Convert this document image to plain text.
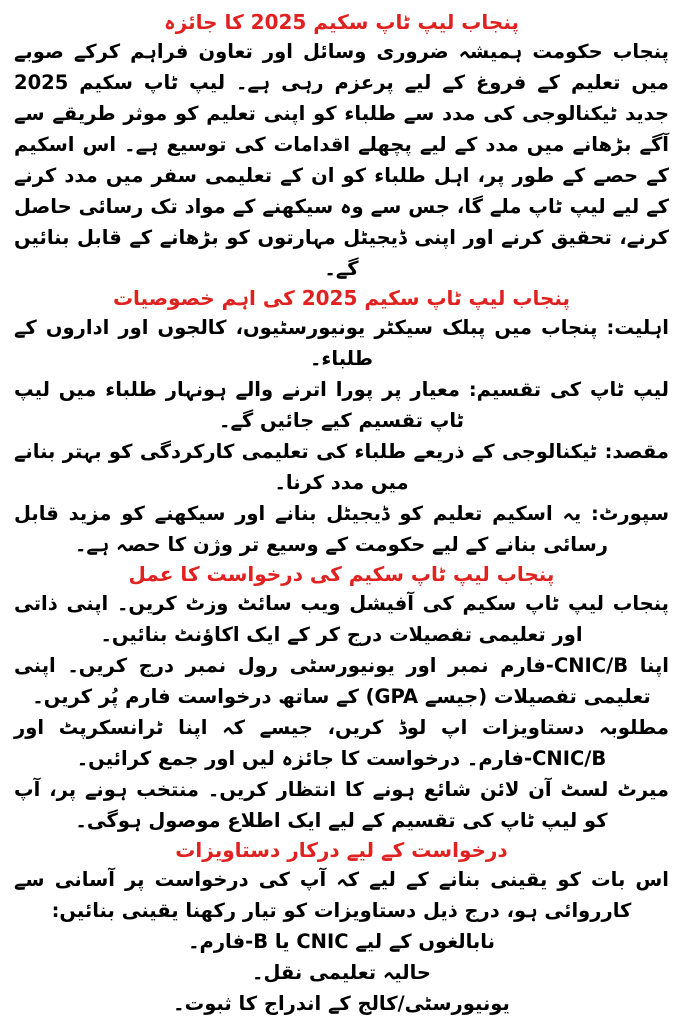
پنجاب لیپ ٹاپ سکیم 2025 کا جائزہ

پنجاب حکومت ہمیشہ ضروری وسائل اور تعاون فراہم کرکے صوبے میں تعلیم کے فروغ کے لیے پرعزم رہی ہے۔ لیپ ٹاپ سکیم 2025 جدید ٹیکنالوجی کی مدد سے طلباء کو اپنی تعلیم کو موثر طریقے سے آگے بڑھانے میں مدد کے لیے پچھلے اقدامات کی توسیع ہے۔ اس اسکیم کے حصے کے طور پر، اہل طلباء کو ان کے تعلیمی سفر میں مدد کرنے کے لیے لیپ ٹاپ ملے گا، جس سے وہ سیکھنے کے مواد تک رسائی حاصل کرنے، تحقیق کرنے اور اپنی ڈیجیٹل مہارتوں کو بڑھانے کے قابل بنائیں گے۔

پنجاب لیپ ٹاپ سکیم 2025 کی اہم خصوصیات

اہلیت: پنجاب میں پبلک سیکٹر یونیورسٹیوں، کالجوں اور اداروں کے طلباء۔

لیپ ٹاپ کی تقسیم: معیار پر پورا اترنے والے ہونہار طلباء میں لیپ ٹاپ تقسیم کیے جائیں گے۔

مقصد: ٹیکنالوجی کے ذریعے طلباء کی تعلیمی کارکردگی کو بہتر بنانے میں مدد کرنا۔

سپورٹ: یہ اسکیم تعلیم کو ڈیجیٹل بنانے اور سیکھنے کو مزید قابل رسائی بنانے کے لیے حکومت کے وسیع تر وژن کا حصہ ہے۔

پنجاب لیپ ٹاپ سکیم کی درخواست کا عمل

پنجاب لیپ ٹاپ سکیم کی آفیشل ویب سائٹ وزٹ کریں۔ اپنی ذاتی اور تعلیمی تفصیلات درج کر کے ایک اکاؤنٹ بنائیں۔

اپنا CNIC/B-فارم نمبر اور یونیورسٹی رول نمبر درج کریں۔ اپنی تعلیمی تفصیلات (جیسے GPA) کے ساتھ درخواست فارم پُر کریں۔

مطلوبہ دستاویزات اپ لوڈ کریں، جیسے کہ اپنا ٹرانسکرپٹ اور CNIC/B-فارم۔ درخواست کا جائزہ لیں اور جمع کرائیں۔

میرٹ لسٹ آن لائن شائع ہونے کا انتظار کریں۔ منتخب ہونے پر، آپ کو لیپ ٹاپ کی تقسیم کے لیے ایک اطلاع موصول ہوگی۔

درخواست کے لیے درکار دستاویزات

اس بات کو یقینی بنانے کے لیے کہ آپ کی درخواست پر آسانی سے کارروائی ہو، درج ذیل دستاویزات کو تیار رکھنا یقینی بنائیں:

نابالغوں کے لیے CNIC یا B-فارم۔

حالیہ تعلیمی نقل۔

یونیورسٹی/کالج کے اندراج کا ثبوت۔
